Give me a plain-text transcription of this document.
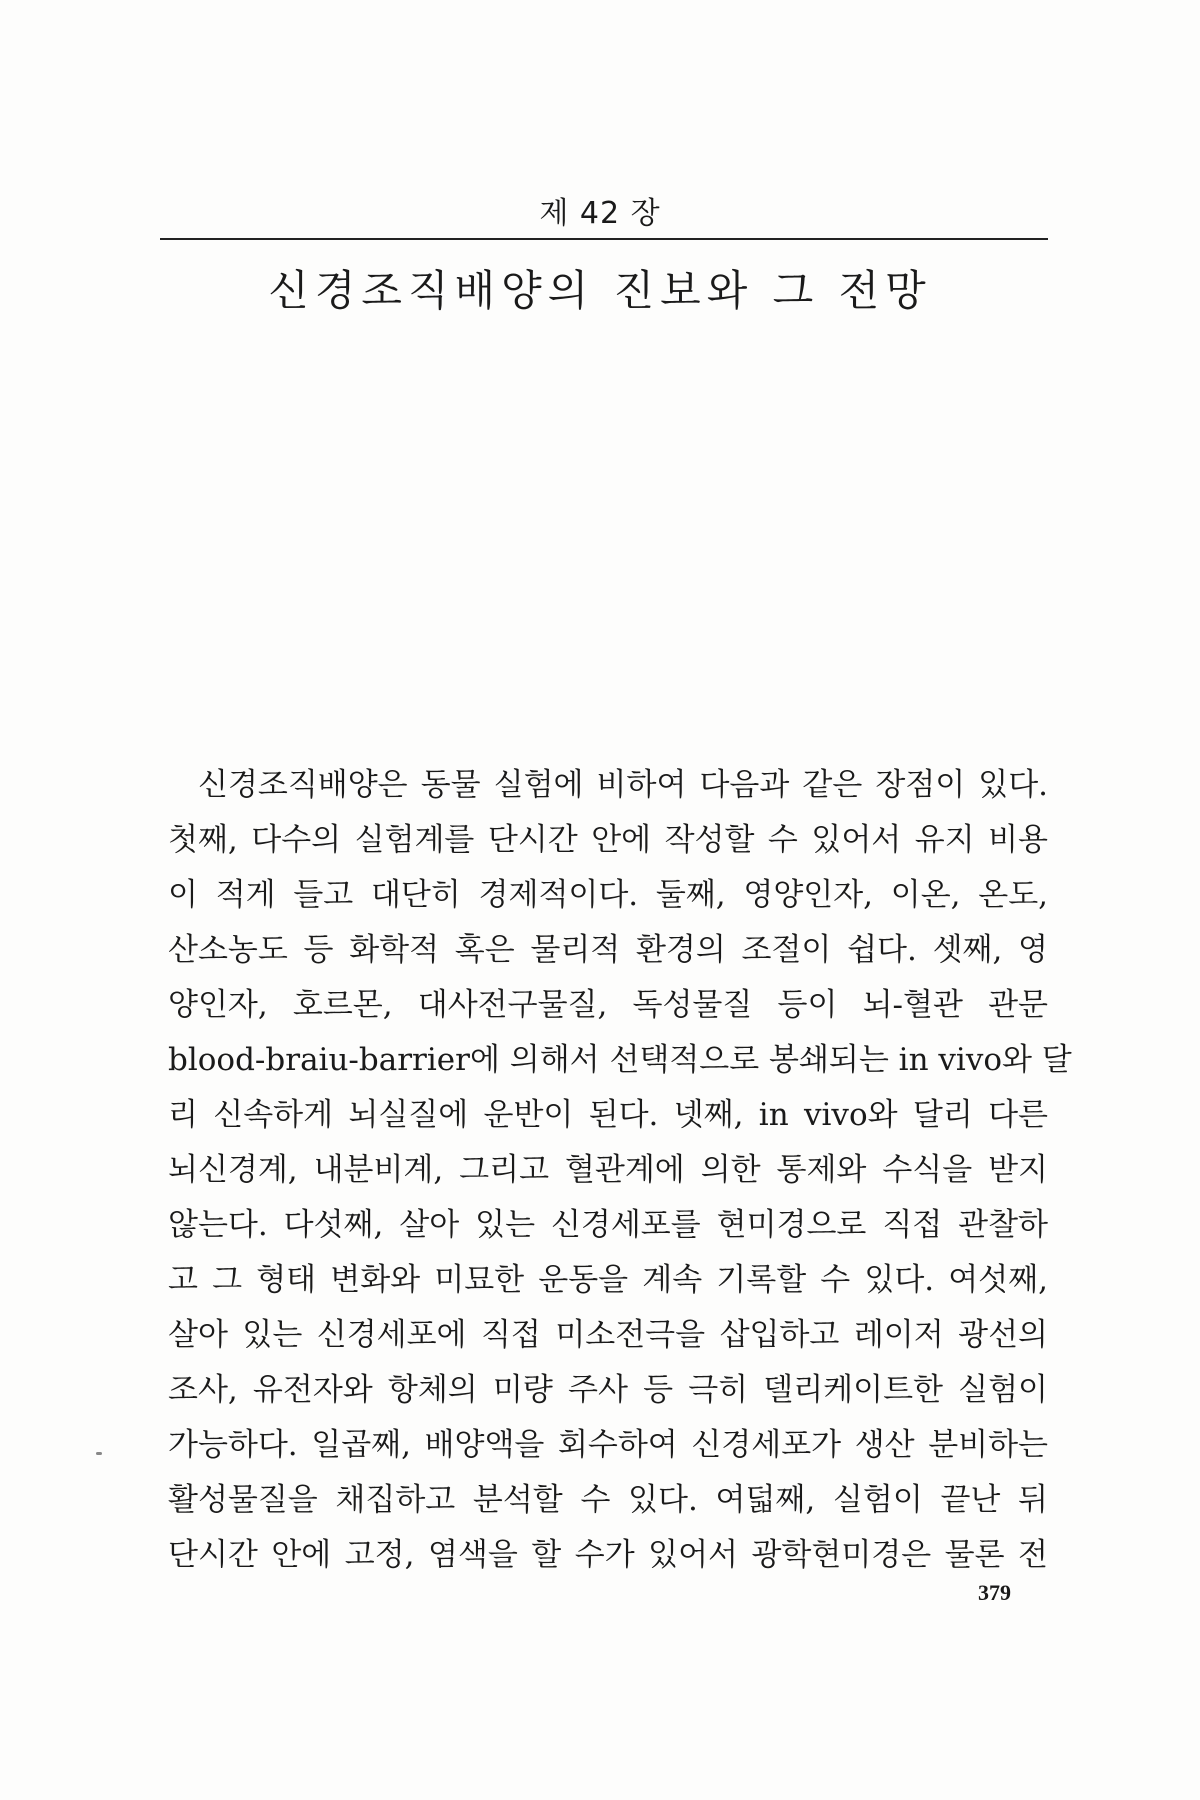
제 42 장
신경조직배양의 진보와 그 전망
신경조직배양은 동물 실험에 비하여 다음과 같은 장점이 있다.
첫째, 다수의 실험계를 단시간 안에 작성할 수 있어서 유지 비용
이 적게 들고 대단히 경제적이다. 둘째, 영양인자, 이온, 온도,
산소농도 등 화학적 혹은 물리적 환경의 조절이 쉽다. 셋째, 영
양인자, 호르몬, 대사전구물질, 독성물질 등이 뇌-혈관 관문
blood-braiu-barrier에 의해서 선택적으로 봉쇄되는 in vivo와 달
리 신속하게 뇌실질에 운반이 된다. 넷째, in vivo와 달리 다른
뇌신경계, 내분비계, 그리고 혈관계에 의한 통제와 수식을 받지
않는다. 다섯째, 살아 있는 신경세포를 현미경으로 직접 관찰하
고 그 형태 변화와 미묘한 운동을 계속 기록할 수 있다. 여섯째,
살아 있는 신경세포에 직접 미소전극을 삽입하고 레이저 광선의
조사, 유전자와 항체의 미량 주사 등 극히 델리케이트한 실험이
가능하다. 일곱째, 배양액을 회수하여 신경세포가 생산 분비하는
활성물질을 채집하고 분석할 수 있다. 여덟째, 실험이 끝난 뒤
단시간 안에 고정, 염색을 할 수가 있어서 광학현미경은 물론 전
379
